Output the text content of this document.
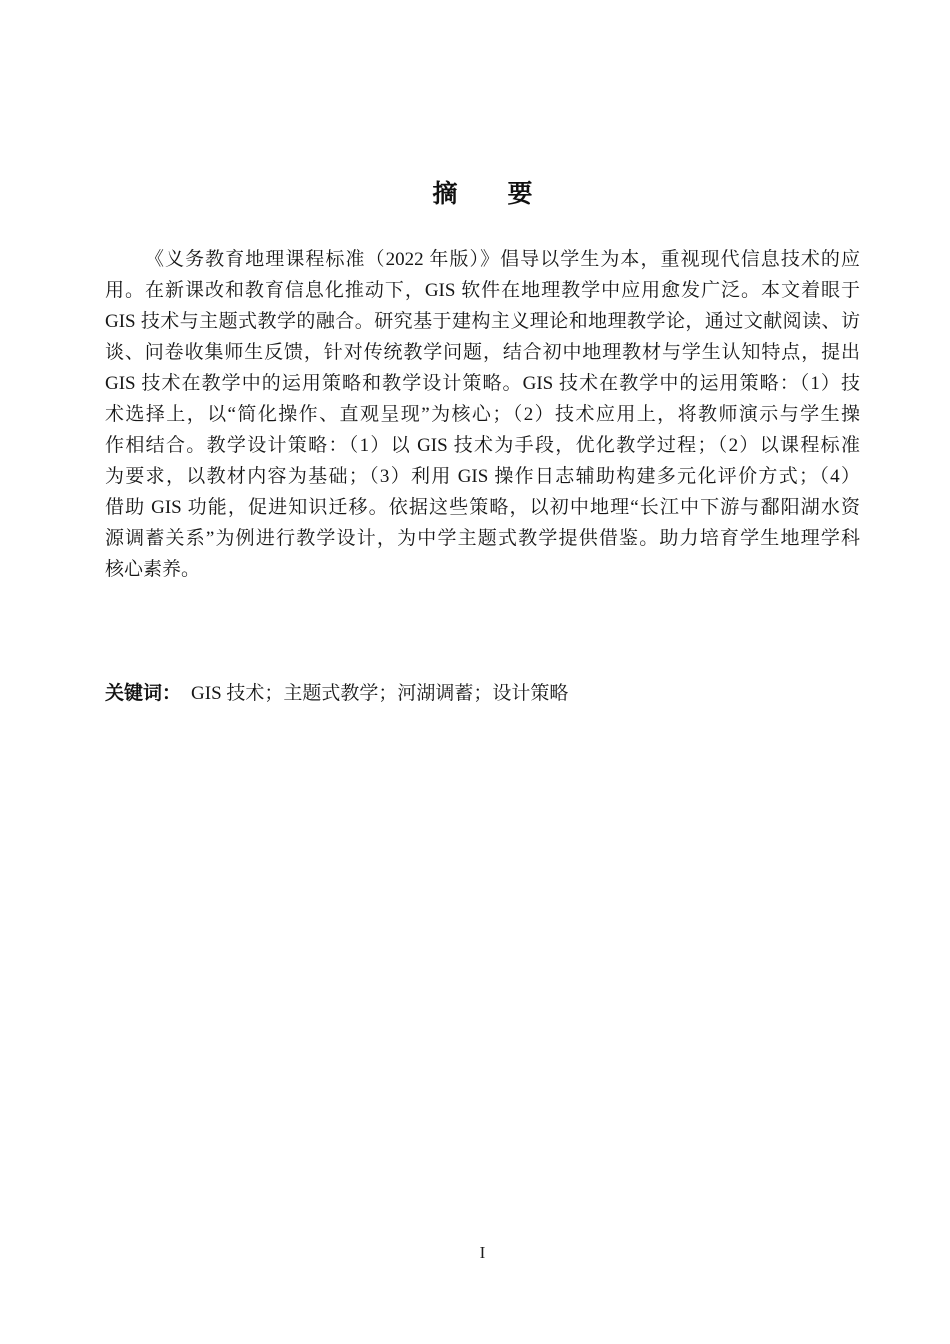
摘　　要
《义务教育地理课程标准（2022 年版）》倡导以学生为本，重视现代信息技术的应
用。在新课改和教育信息化推动下，GIS 软件在地理教学中应用愈发广泛。本文着眼于
GIS 技术与主题式教学的融合。研究基于建构主义理论和地理教学论，通过文献阅读、访
谈、问卷收集师生反馈，针对传统教学问题，结合初中地理教材与学生认知特点，提出
GIS 技术在教学中的运用策略和教学设计策略。GIS 技术在教学中的运用策略：（1）技
术选择上，以“简化操作、直观呈现”为核心；（2）技术应用上，将教师演示与学生操
作相结合。教学设计策略：（1）以 GIS 技术为手段，优化教学过程；（2）以课程标准
为要求，以教材内容为基础；（3）利用 GIS 操作日志辅助构建多元化评价方式；（4）
借助 GIS 功能，促进知识迁移。依据这些策略，以初中地理“长江中下游与鄱阳湖水资
源调蓄关系”为例进行教学设计，为中学主题式教学提供借鉴。助力培育学生地理学科
核心素养。
关键词： GIS 技术；主题式教学；河湖调蓄；设计策略
I
